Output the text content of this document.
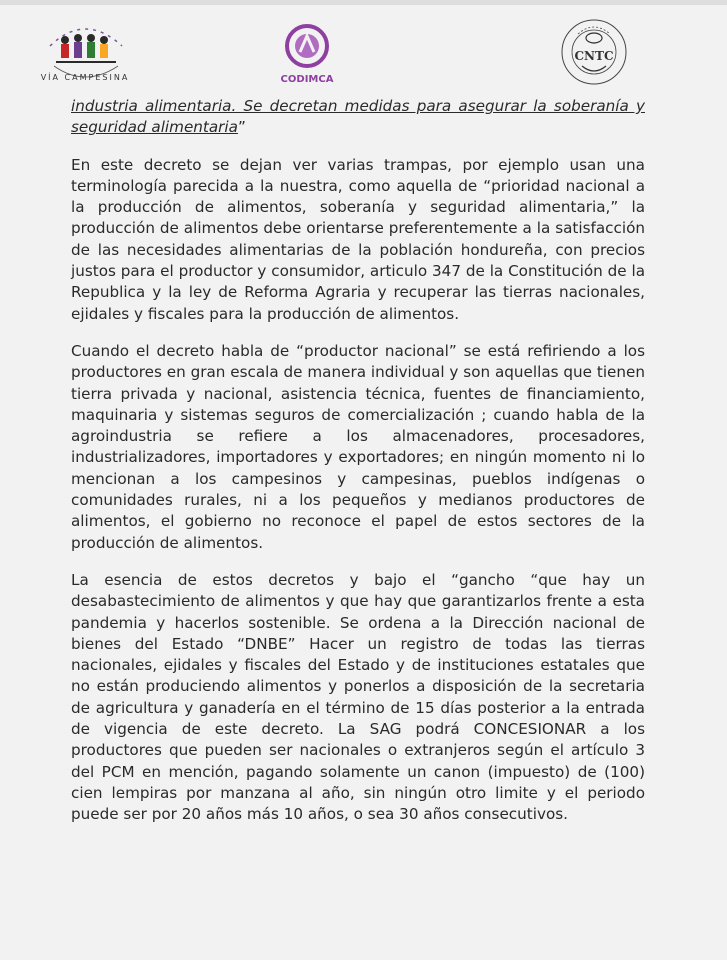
VÍA CAMPESINA	CODIMCA
CNTC

industria alimentaria. Se decretan medidas para asegurar la soberanía y seguridad alimentaria”

En este decreto se dejan ver varias trampas, por ejemplo usan una terminología parecida a la nuestra, como aquella de “prioridad nacional a la producción de alimentos, soberanía y seguridad alimentaria,” la producción de alimentos debe orientarse preferentemente a la satisfacción de las necesidades alimentarias de la población hondureña, con precios justos para el productor y consumidor, articulo 347 de la Constitución de la Republica y la ley de Reforma Agraria y recuperar las tierras nacionales, ejidales y fiscales para la producción de alimentos.

Cuando el decreto habla de “productor nacional” se está refiriendo a los productores en gran escala de manera individual y son aquellas que tienen tierra privada y nacional, asistencia técnica, fuentes de financiamiento, maquinaria y sistemas seguros de comercialización ; cuando habla de la agroindustria se refiere a los almacenadores, procesadores, industrializadores, importadores y exportadores; en ningún momento ni lo mencionan a los campesinos y campesinas, pueblos indígenas o comunidades rurales, ni a los pequeños y medianos productores de alimentos, el gobierno no reconoce el papel de estos sectores de la producción de alimentos.

La esencia de estos decretos y bajo el “gancho “que hay un desabastecimiento de alimentos y que hay que garantizarlos frente a esta pandemia y hacerlos sostenible. Se ordena a la Dirección nacional de bienes del Estado “DNBE” Hacer un registro de todas las tierras nacionales, ejidales y fiscales del Estado y de instituciones estatales que no están produciendo alimentos y ponerlos a disposición de la secretaria de agricultura y ganadería en el término de 15 días posterior a la entrada de vigencia de este decreto. La SAG podrá CONCESIONAR a los productores que pueden ser nacionales o extranjeros según el artículo 3 del PCM en mención, pagando solamente un canon (impuesto) de (100) cien lempiras por manzana al año, sin ningún otro limite y el periodo puede ser por 20 años más 10 años, o sea 30 años consecutivos.
